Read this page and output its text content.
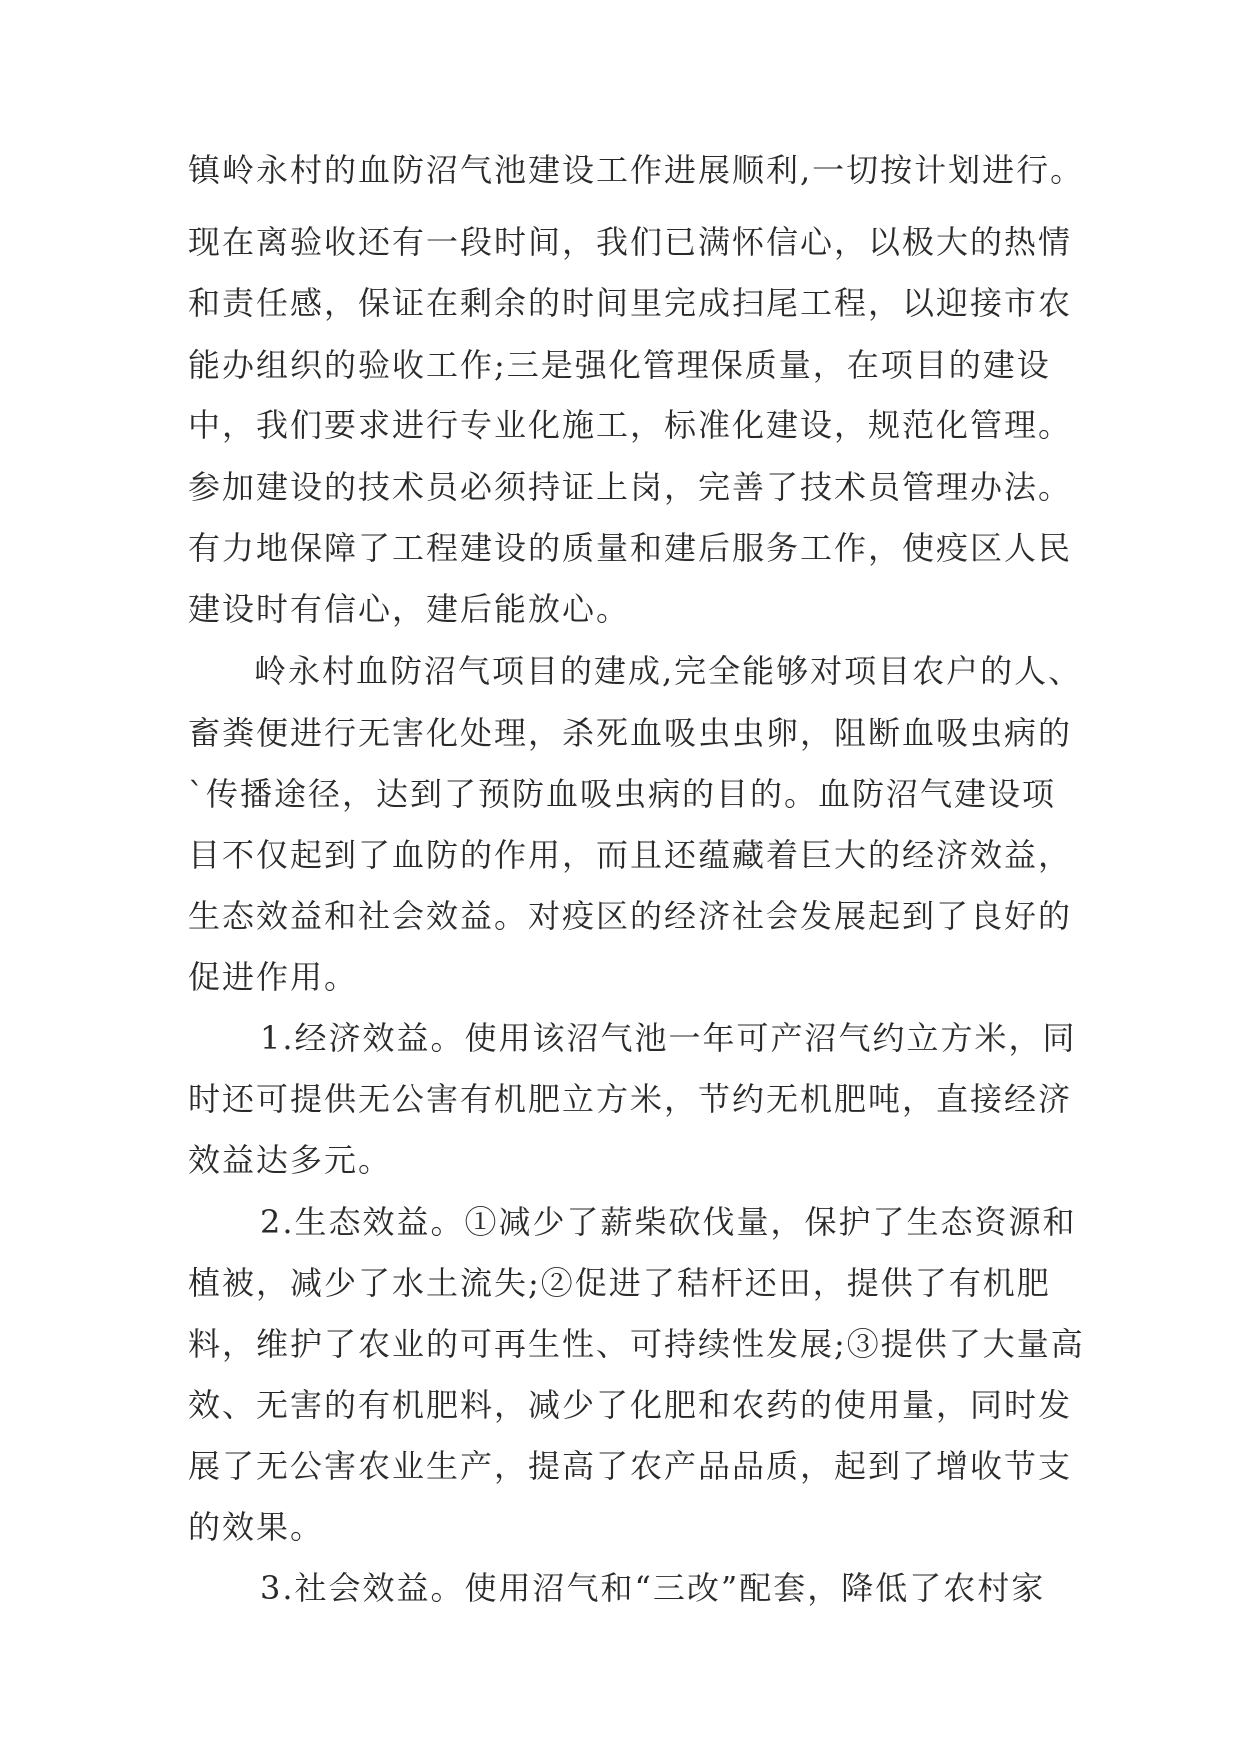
镇岭永村的血防沼气池建设工作进展顺利,一切按计划进行。
现在离验收还有一段时间，我们已满怀信心，以极大的热情
和责任感，保证在剩余的时间里完成扫尾工程，以迎接市农
能办组织的验收工作;三是强化管理保质量，在项目的建设
中，我们要求进行专业化施工，标准化建设，规范化管理。
参加建设的技术员必须持证上岗，完善了技术员管理办法。
有力地保障了工程建设的质量和建后服务工作，使疫区人民
建设时有信心，建后能放心。
岭永村血防沼气项目的建成,完全能够对项目农户的人、
畜粪便进行无害化处理，杀死血吸虫虫卵，阻断血吸虫病的
`传播途径，达到了预防血吸虫病的目的。血防沼气建设项
目不仅起到了血防的作用，而且还蕴藏着巨大的经济效益，
生态效益和社会效益。对疫区的经济社会发展起到了良好的
促进作用。
1.经济效益。使用该沼气池一年可产沼气约立方米，同
时还可提供无公害有机肥立方米，节约无机肥吨，直接经济
效益达多元。
2.生态效益。①减少了薪柴砍伐量，保护了生态资源和
植被，减少了水土流失;②促进了秸杆还田，提供了有机肥
料，维护了农业的可再生性、可持续性发展;③提供了大量高
效、无害的有机肥料，减少了化肥和农药的使用量，同时发
展了无公害农业生产，提高了农产品品质，起到了增收节支
的效果。
3.社会效益。使用沼气和“三改”配套，降低了农村家
